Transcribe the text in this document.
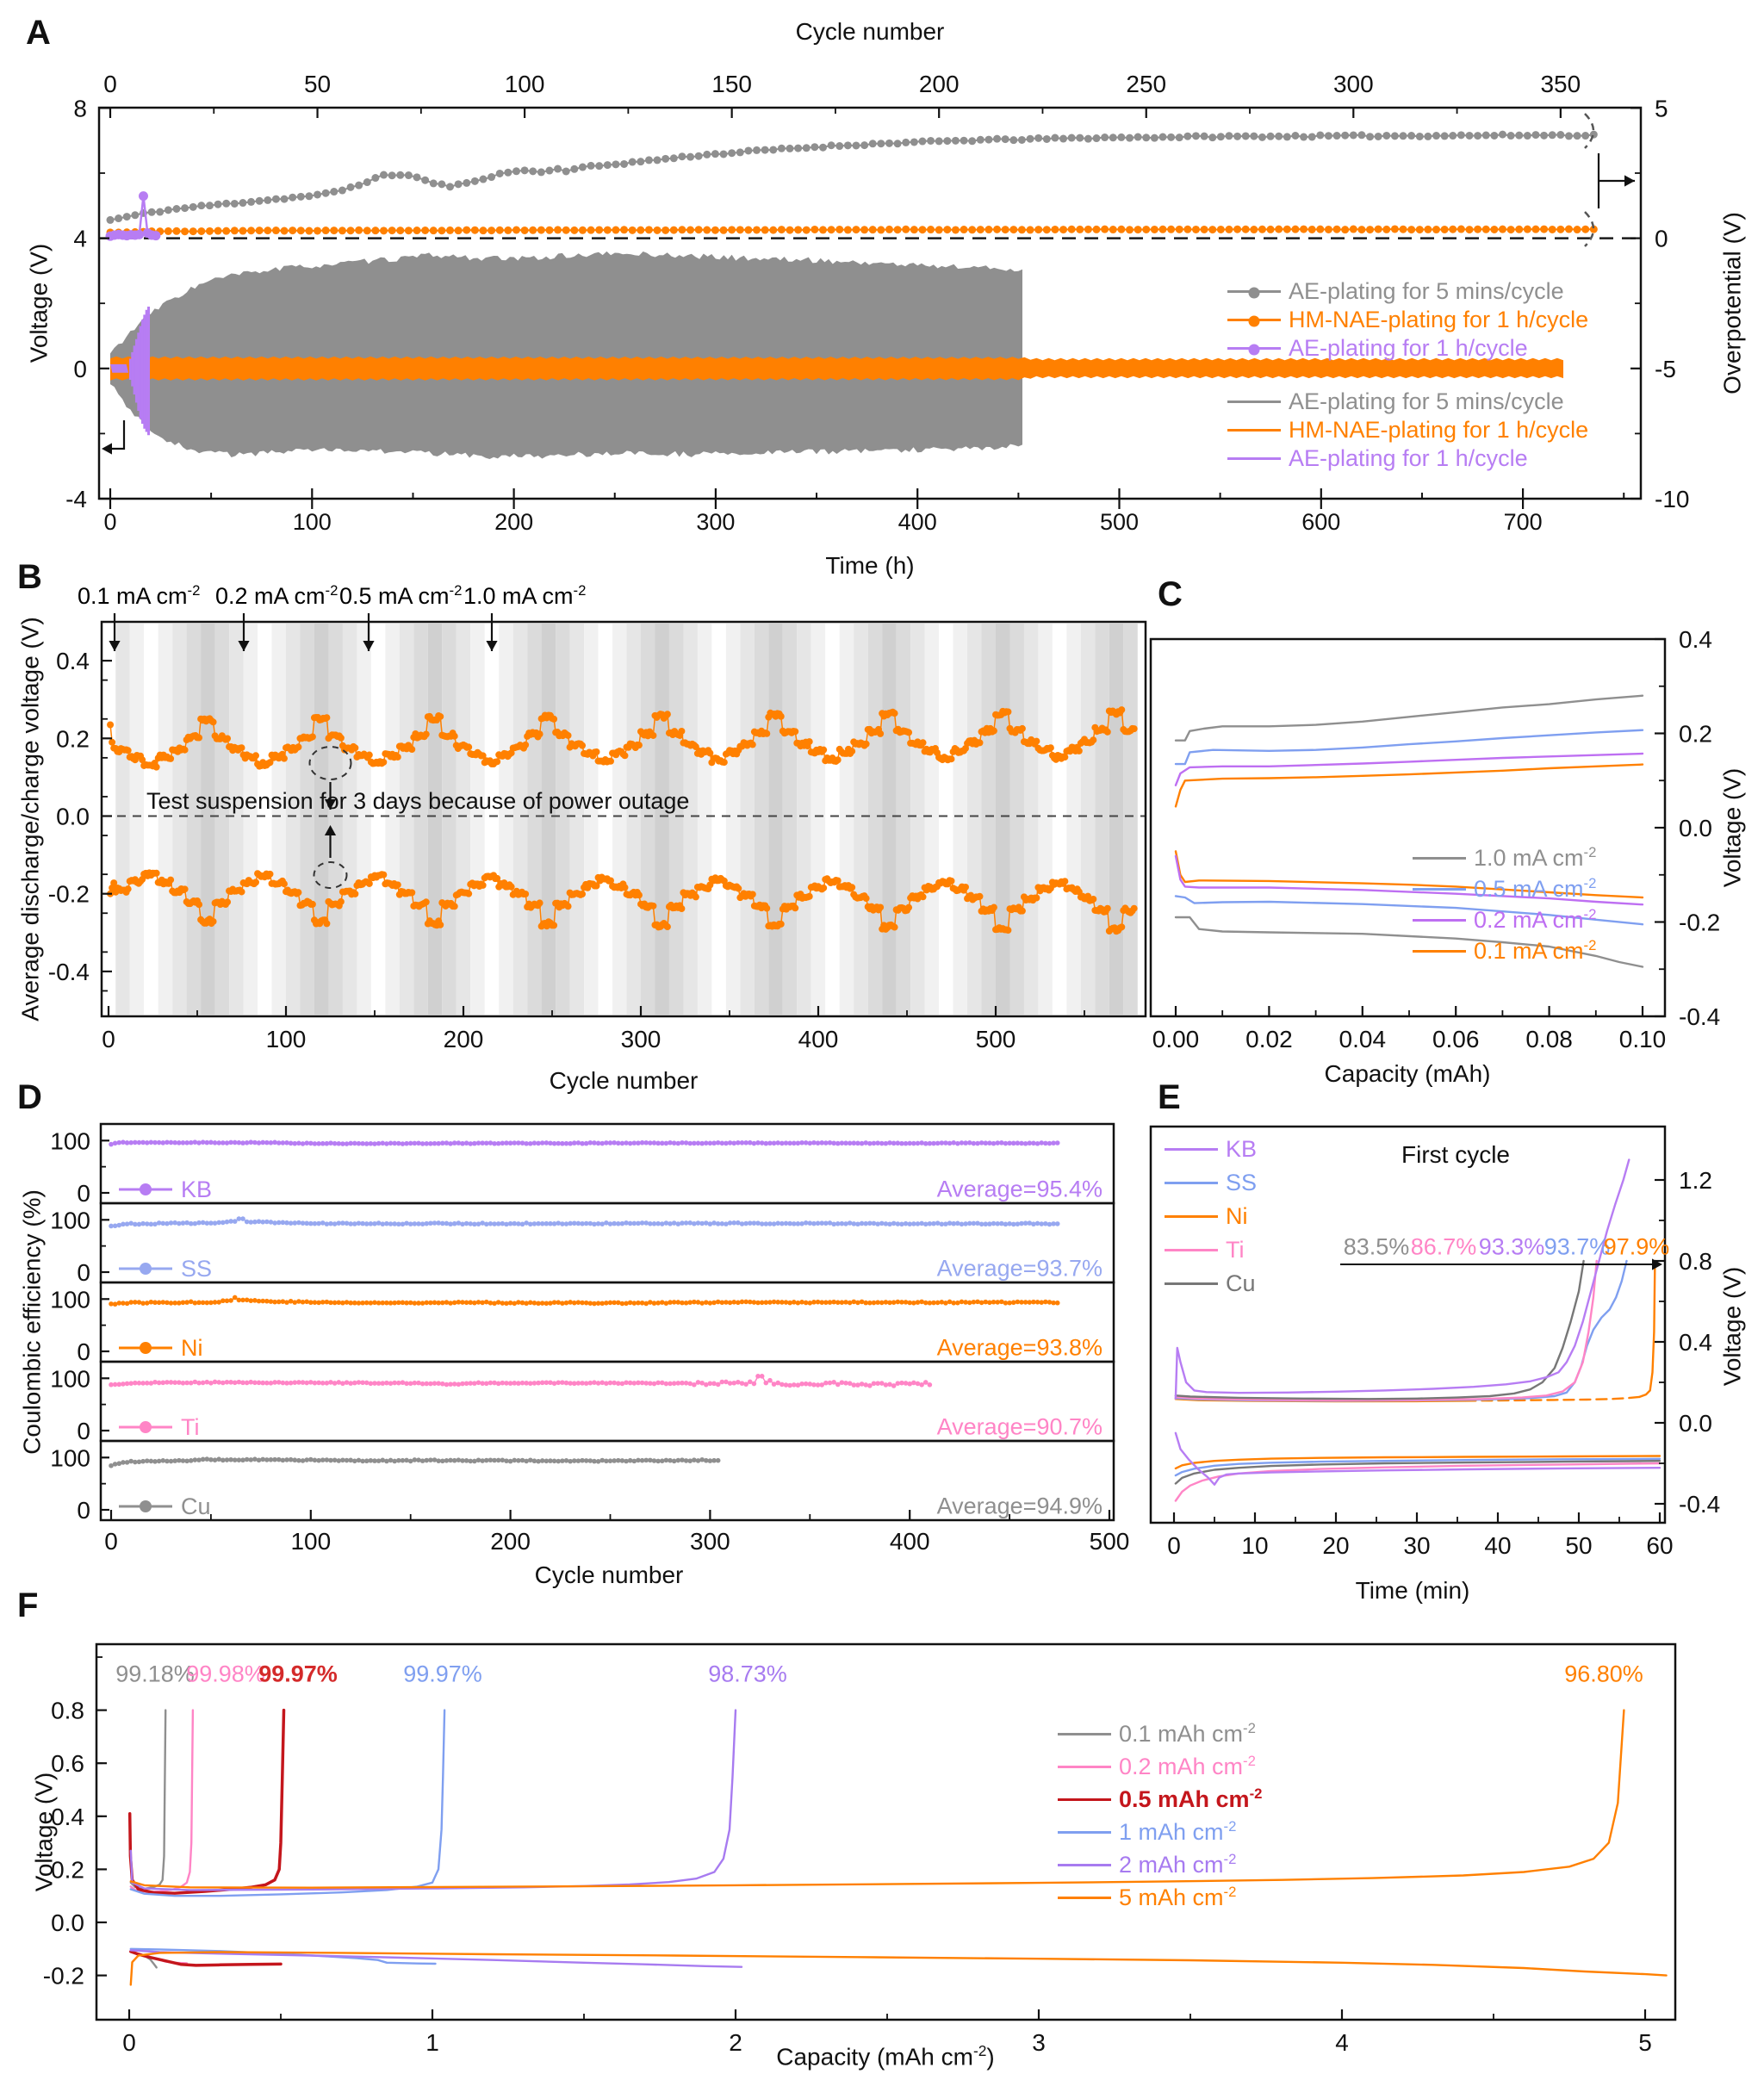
0	100	200	300	400	500	600	700
0	50	100	150	200	250	300	350
8
4
0
-4
5
0
-5
-10
0	100	200	300	400	500
0.4
0.2
0.0
-0.2
-0.4
0.00 0.02 0.04 0.06 0.08 0.10
0.4
0.2
0.0
-0.2
-0.4
100
0	KB
100
0	SS
100
0	Ni
100
0	Ti
100
0	Cu
0	100	200	300	400	500 0	10 20 30 40 50 60
1.2
0.8
0.4
0.0
-0.4
0	1	2	3	4	5
0.8
0.6
0.4
0.2
0.0
-0.2
A
B	C
D	E
F
Cycle number
Time (h)
Voltage (V)	Overpotential (V)
Cycle number
Average discharge/charge voltage (V)	Test suspension for 3 days because of power outage
Capacity (mAh)
Voltage (V)
Cycle number
Coulombic efficiency (%)
First cycle
Time (min)
Voltage (V)
Capacity (mAh $cm^{-2}$)
Voltage (V)
AE-plating for 5 mins/cycle
HM-NAE-plating for 1 h/cycle
AE-plating for 1 h/cycle
AE-plating for 5 mins/cycle
HM-NAE-plating for 1 h/cycle
AE-plating for 1 h/cycle
0.1 mA $cm^{-2}$ 0.2 mA $cm^{-2}$ 0.5 mA $cm^{-2}$ 1.0 mA $cm^{-2}$
1.0 mA $cm^{-2}$
0.5 mA $cm^{-2}$
0.2 mA $cm^{-2}$
0.1 mA $cm^{-2}$
Average=95.4%
Average=93.7%
Average=93.8%
Average=90.7%
Average=94.9%
KB
SS
Ni
Ti
Cu
83.5% 86.7% 93.3% 93.7%
97.9%
99.18%
99.98%
99.97%	99.97%	98.73%	96.80%
0.1 mAh $cm^{-2}$
0.2 mAh $cm^{-2}$
0.5 mAh $cm^{-2}$
1 mAh $cm^{-2}$
2 mAh $cm^{-2}$
5 mAh $cm^{-2}$
